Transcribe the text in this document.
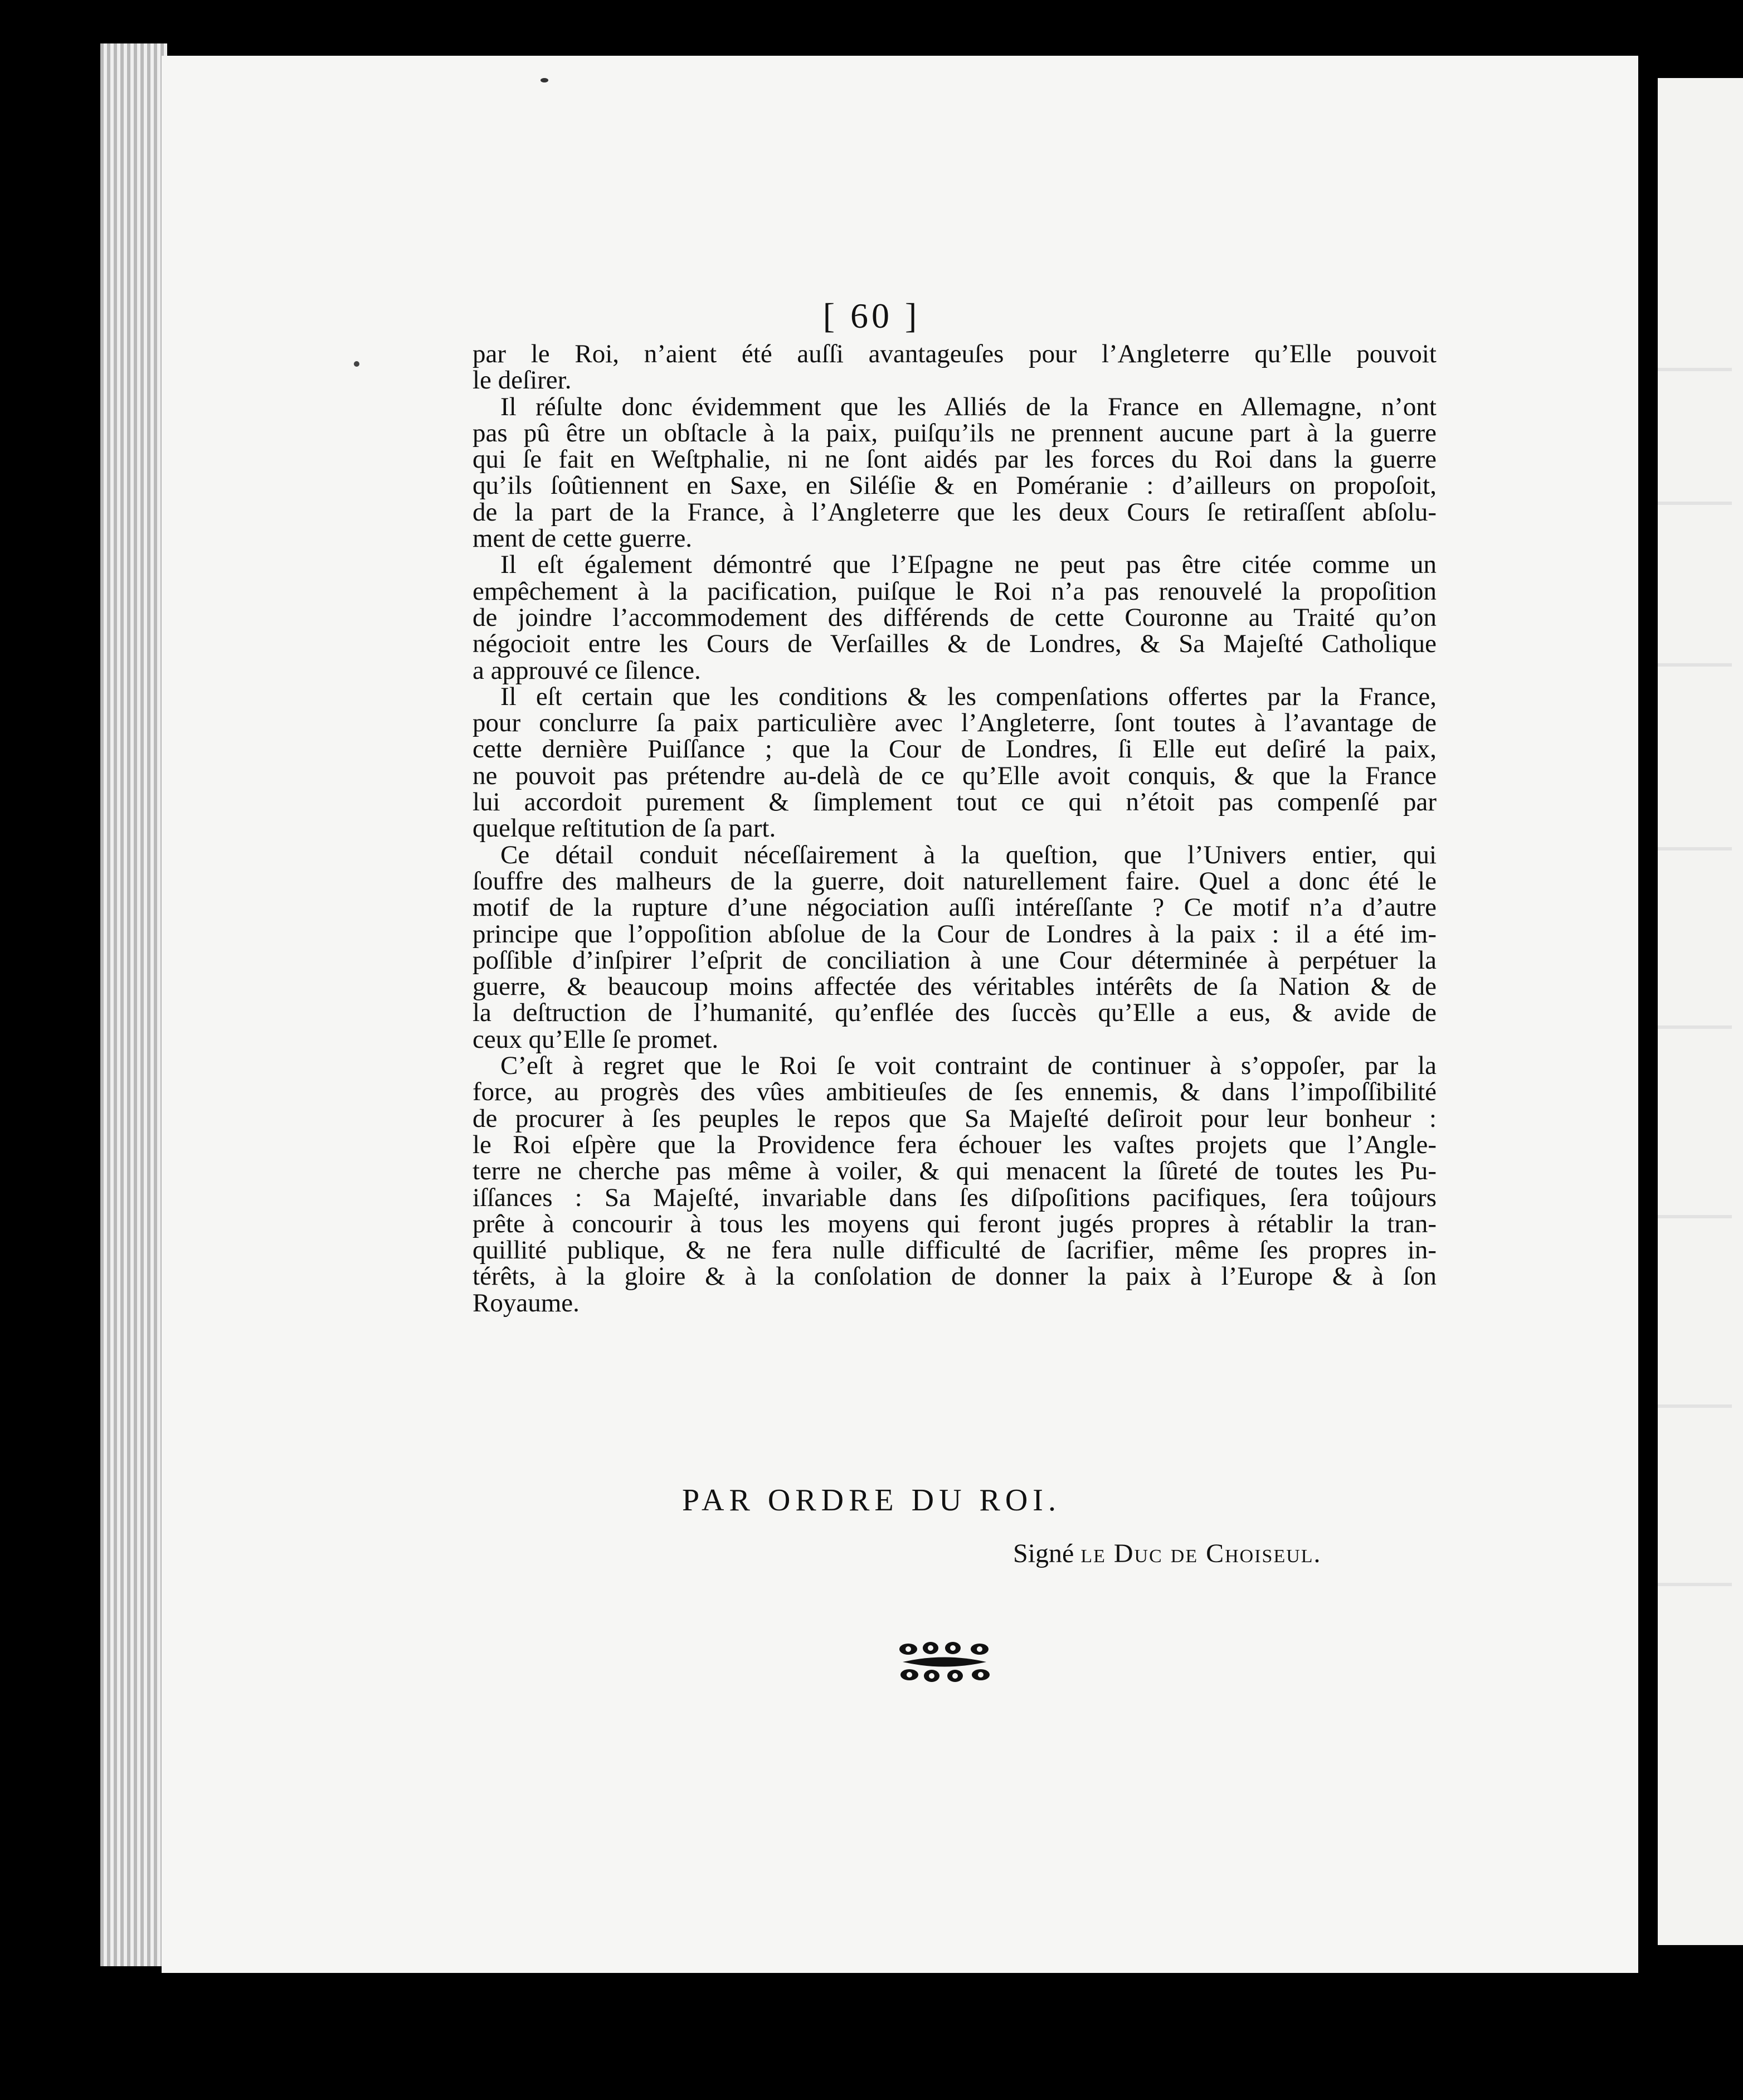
[ 60 ]
par le Roi, n’aient été auſſi avantageuſes pour l’Angleterre qu’Elle pouvoit
le deſirer.
Il réſulte donc évidemment que les Alliés de la France en Allemagne, n’ont
pas pû être un obſtacle à la paix, puiſqu’ils ne prennent aucune part à la guerre
qui ſe fait en Weſtphalie, ni ne ſont aidés par les forces du Roi dans la guerre
qu’ils ſoûtiennent en Saxe, en Siléſie & en Poméranie : d’ailleurs on propoſoit,
de la part de la France, à l’Angleterre que les deux Cours ſe retiraſſent abſolu-
ment de cette guerre.
Il eſt également démontré que l’Eſpagne ne peut pas être citée comme un
empêchement à la pacification, puiſque le Roi n’a pas renouvelé la propoſition
de joindre l’accommodement des différends de cette Couronne au Traité qu’on
négocioit entre les Cours de Verſailles & de Londres, & Sa Majeſté Catholique
a approuvé ce ſilence.
Il eſt certain que les conditions & les compenſations offertes par la France,
pour conclurre ſa paix particulière avec l’Angleterre, ſont toutes à l’avantage de
cette dernière Puiſſance ; que la Cour de Londres, ſi Elle eut deſiré la paix,
ne pouvoit pas prétendre au-delà de ce qu’Elle avoit conquis, & que la France
lui accordoit purement & ſimplement tout ce qui n’étoit pas compenſé par
quelque reſtitution de ſa part.
Ce détail conduit néceſſairement à la queſtion, que l’Univers entier, qui
ſouffre des malheurs de la guerre, doit naturellement faire. Quel a donc été le
motif de la rupture d’une négociation auſſi intéreſſante ? Ce motif n’a d’autre
principe que l’oppoſition abſolue de la Cour de Londres à la paix : il a été im-
poſſible d’inſpirer l’eſprit de conciliation à une Cour déterminée à perpétuer la
guerre, & beaucoup moins affectée des véritables intérêts de ſa Nation & de
la deſtruction de l’humanité, qu’enflée des ſuccès qu’Elle a eus, & avide de
ceux qu’Elle ſe promet.
C’eſt à regret que le Roi ſe voit contraint de continuer à s’oppoſer, par la
force, au progrès des vûes ambitieuſes de ſes ennemis, & dans l’impoſſibilité
de procurer à ſes peuples le repos que Sa Majeſté deſiroit pour leur bonheur :
le Roi eſpère que la Providence fera échouer les vaſtes projets que l’Angle-
terre ne cherche pas même à voiler, & qui menacent la ſûreté de toutes les Pu-
iſſances : Sa Majeſté, invariable dans ſes diſpoſitions pacifiques, ſera toûjours
prête à concourir à tous les moyens qui feront jugés propres à rétablir la tran-
quillité publique, & ne fera nulle difficulté de ſacrifier, même ſes propres in-
térêts, à la gloire & à la conſolation de donner la paix à l’Europe & à ſon
Royaume.
PAR ORDRE DU ROI.
Signé le Duc de Choiseul.
